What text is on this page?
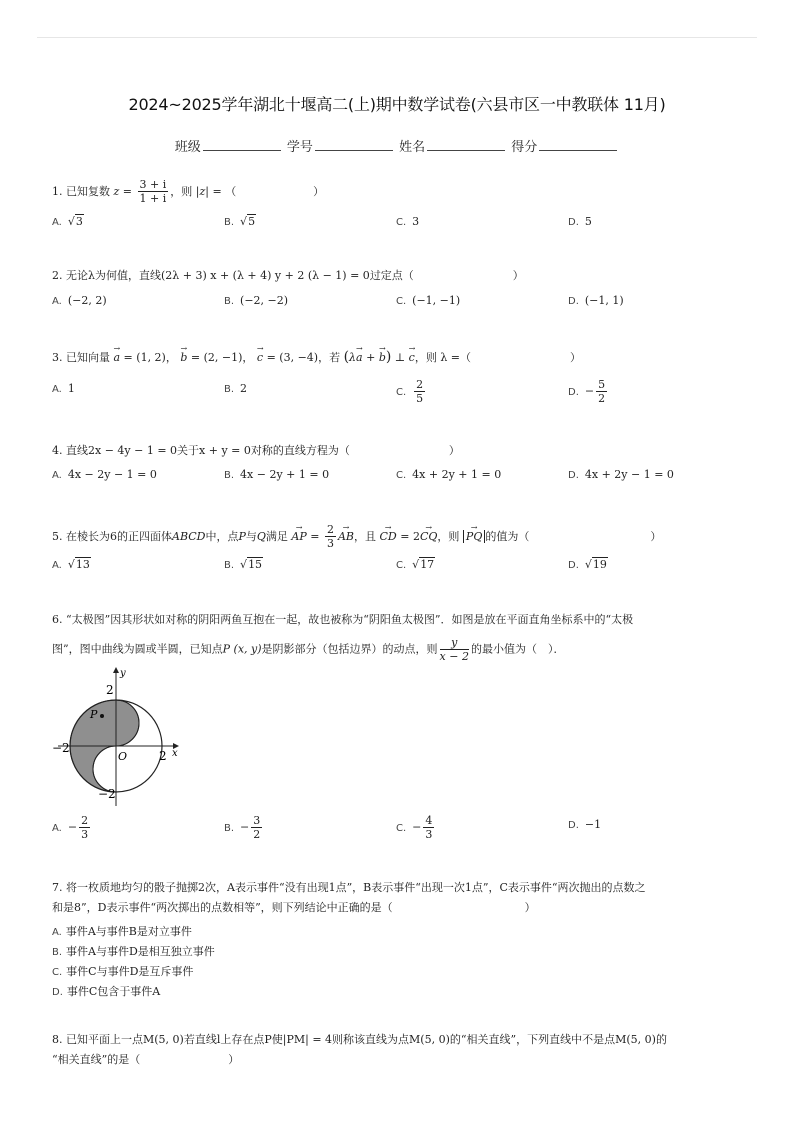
2024~2025学年湖北十堰高二(上)期中数学试卷(六县市区一中教联体 11月)
班级	学号	姓名	得分
1. 已知复数 $z = \frac{3 + i}{1 + i}$ ，则 |z| = （　　　　　　　）
A. √3	B. √5	C. 3	D. 5
2. 无论λ为何值，直线(2λ + 3) x + (λ + 4) y + 2 (λ − 1) = 0过定点（　　　　　　　　　）
A. (−2, 2)	B. (−2, −2)	C. (−1, −1)	D. (−1, 1)
3. 已知向量 → a = (1, 2)， → b = (2, −1)， → c = (3, −4)，若 (λ→ a + → b) ⊥ → c，则 λ =（　　　　　　　　　）
A. 1	B. 2	C. $\frac{2}{5}$	D. − $\frac{5}{2}$
4. 直线2x − 4y − 1 = 0关于x + y = 0对称的直线方程为（　　　　　　　　　）
A. 4x − 2y − 1 = 0	B. 4x − 2y + 1 = 0	C. 4x + 2y + 1 = 0	D. 4x + 2y − 1 = 0
5. 在棱长为6的正四面体ABCD中，点P与Q满足 → AP = $\frac{2}{3}$ → AB，且 → CD = 2→ CQ，则 → PQ 的值为（　　　　　　　　　　　）
A. √13	B. √15	C. √17	D. √19
6. “太极图”因其形状如对称的阴阳两鱼互抱在一起，故也被称为“阴阳鱼太极图”．如图是放在平面直角坐标系中的“太极
图”，图中曲线为圆或半圆，已知点P (x, y)是阴影部分（包括边界）的动点，则 $\frac{y}{x - 2}$ 的最小值为（　）．
P
y
x
O
2
2
−2
−2
A. − $\frac{2}{3}$	B. − $\frac{3}{2}$	C. − $\frac{4}{3}$	D. −1
7. 将一枚质地均匀的骰子抛掷2次，A表示事件“没有出现1点”，B表示事件“出现一次1点”，C表示事件“两次抛出的点数之
和是8”，D表示事件“两次掷出的点数相等”，则下列结论中正确的是（　　　　　　　　　　　　）
A. 事件A与事件B是对立事件
B. 事件A与事件D是相互独立事件
C. 事件C与事件D是互斥事件
D. 事件C包含于事件A
8. 已知平面上一点M(5, 0)若直线l上存在点P使|PM| = 4则称该直线为点M(5, 0)的“相关直线”，下列直线中不是点M(5, 0)的
“相关直线”的是（　　　　　　　　）
